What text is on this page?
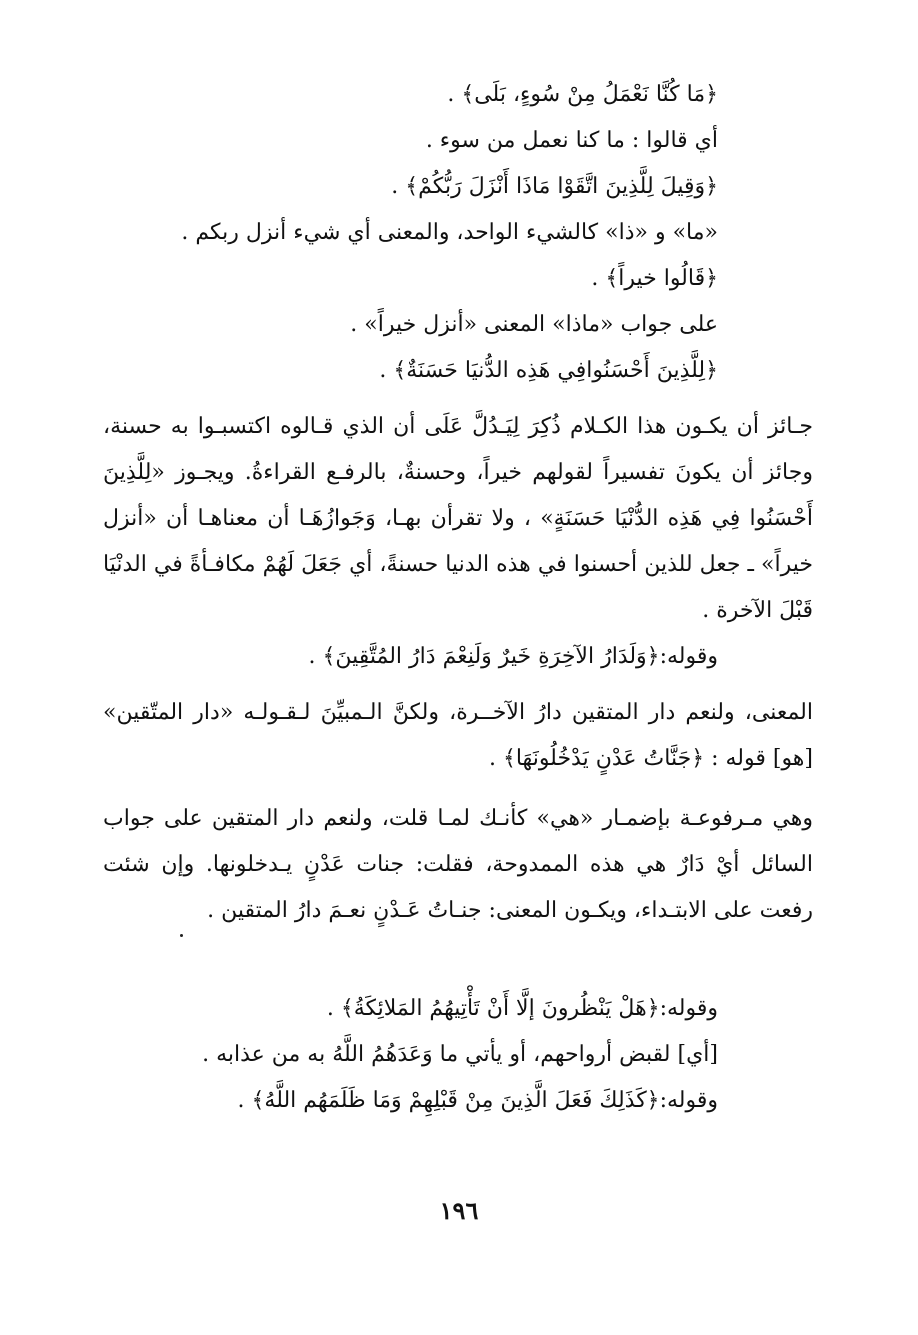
﴿مَا كُنَّا نَعْمَلُ مِنْ سُوءٍ، بَلَى﴾ .
أي قالوا : ما كنا نعمل من سوء .
﴿وَقِيلَ لِلَّذِينَ اتَّقَوْا مَاذَا أَنْزَلَ رَبُّكُمْ﴾ .
«ما» و «ذا» كالشيء الواحد، والمعنى أي شيء أنزل ربكم .
﴿قَالُوا خيراً﴾ .
على جواب «ماذا» المعنى «أنزل خيراً» .
﴿لِلَّذِينَ أَحْسَنُوافِي هَذِه الدُّنيَا حَسَنَةٌ﴾ .
جـائز أن يكـون هذا الكـلام ذُكِرَ لِيَـدُلَّ عَلَى أن الذي قـالوه اكتسبـوا به حسنة، وجائز أن يكونَ تفسيراً لقولهم خيراً، وحسنةٌ، بالرفـع القراءةُ. ويجـوز «لِلَّذِينَ أَحْسَنُوا فِي هَذِه الدُّنْيَا حَسَنَةٍ» ، ولا تقرأن بهـا، وَجَوازُهَـا أن معناهـا أن «أنزل خيراً» ـ جعل للذين أحسنوا في هذه الدنيا حسنةً، أي جَعَلَ لَهُمْ مكافـأةً في الدنْيَا قَبْلَ الآخرة .
وقوله:﴿وَلَدَارُ الآخِرَةِ خَيرٌ وَلَنِعْمَ دَارُ المُتَّقِينَ﴾ .
المعنى، ولنعم دار المتقين دارُ الآخــرة، ولكنَّ الـمبيِّنَ لـقـولـه «دار المتّقين» [هو] قوله : ﴿جَنَّاتُ عَدْنٍ يَدْخُلُونَهَا﴾ .
وهي مـرفوعـة بإضمـار «هي» كأنـك لمـا قلت، ولنعم دار المتقين على جواب السائل أيْ دَارٌ هي هذه الممدوحة، فقلت: جنات عَدْنٍ يـدخلونها. وإن شئت رفعت على الابتـداء، ويكـون المعنى: جنـاتُ عَـدْنٍ نعـمَ دارُ المتقين .
وقوله:﴿هَلْ يَنْظُرونَ إلَّا أَنْ تَأْتِيهُمُ المَلائِكَةُ﴾ .
[أي] لقبض أرواحهم، أو يأتي ما وَعَدَهُمُ اللَّهُ به من عذابه .
وقوله:﴿كَذَلِكَ فَعَلَ الَّذِينَ مِنْ قَبْلِهِمْ وَمَا ظَلَمَهُم اللَّهُ﴾ .
١٩٦
